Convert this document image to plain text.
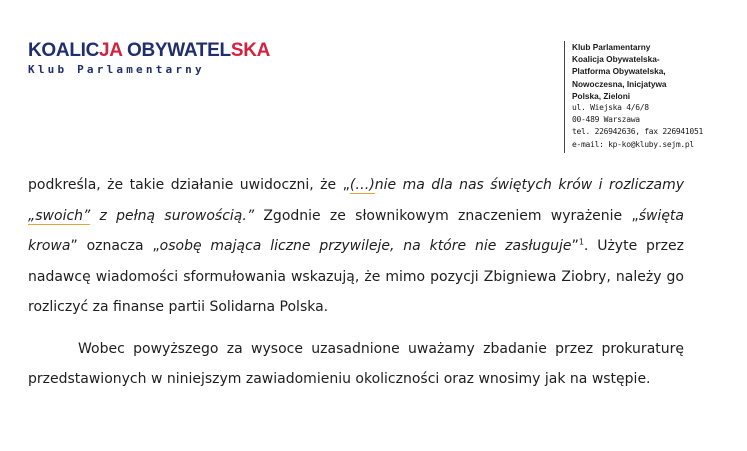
KOALICJA OBYWATELSKA
Klub Parlamentarny
Klub Parlamentarny
Koalicja Obywatelska-
Platforma Obywatelska,
Nowoczesna, Inicjatywa
Polska, Zieloni
ul. Wiejska 4/6/8
00-489 Warszawa
tel. 226942636, fax 226941051
e-mail: kp-ko@kluby.sejm.pl

podkreśla, że takie działanie uwidoczni, że „(…)nie ma dla nas świętych krów i rozliczamy „swoich” z pełną surowością.” Zgodnie ze słownikowym znaczeniem wyrażenie „święta krowa” oznacza „osobę mająca liczne przywileje, na które nie zasługuje”$^1$. Użyte przez nadawcę wiadomości sformułowania wskazują, że mimo pozycji Zbigniewa Ziobry, należy go rozliczyć za finanse partii Solidarna Polska.

Wobec powyższego za wysoce uzasadnione uważamy zbadanie przez prokuraturę przedstawionych w niniejszym zawiadomieniu okoliczności oraz wnosimy jak na wstępie.
